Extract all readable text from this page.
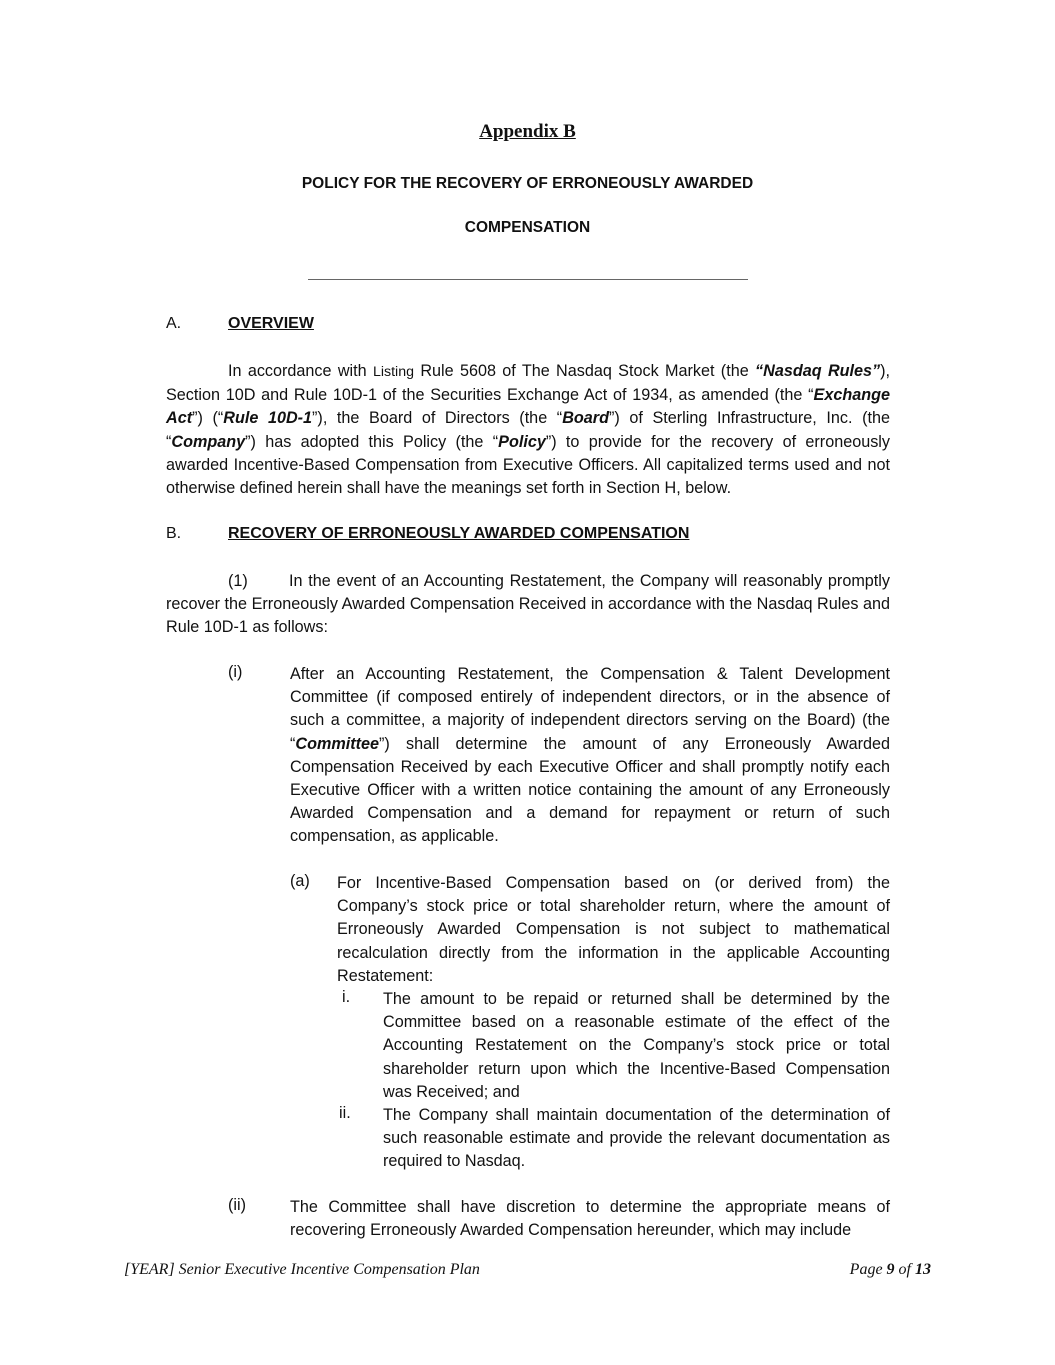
Appendix B
POLICY FOR THE RECOVERY OF ERRONEOUSLY AWARDED
COMPENSATION
A.	OVERVIEW
In accordance with Listing Rule 5608 of The Nasdaq Stock Market (the “Nasdaq Rules”), Section 10D and Rule 10D-1 of the Securities Exchange Act of 1934, as amended (the “Exchange Act”) (“Rule 10D-1”), the Board of Directors (the “Board”) of Sterling Infrastructure, Inc. (the “Company”) has adopted this Policy (the “Policy”) to provide for the recovery of erroneously awarded Incentive-Based Compensation from Executive Officers. All capitalized terms used and not otherwise defined herein shall have the meanings set forth in Section H, below.
B.	RECOVERY OF ERRONEOUSLY AWARDED COMPENSATION
(1)	In the event of an Accounting Restatement, the Company will reasonably promptly recover the Erroneously Awarded Compensation Received in accordance with the Nasdaq Rules and Rule 10D-1 as follows:
(i)	After an Accounting Restatement, the Compensation & Talent Development Committee (if composed entirely of independent directors, or in the absence of such a committee, a majority of independent directors serving on the Board) (the “Committee”) shall determine the amount of any Erroneously Awarded Compensation Received by each Executive Officer and shall promptly notify each Executive Officer with a written notice containing the amount of any Erroneously Awarded Compensation and a demand for repayment or return of such compensation, as applicable.
(a) For Incentive-Based Compensation based on (or derived from) the Company’s stock price or total shareholder return, where the amount of Erroneously Awarded Compensation is not subject to mathematical recalculation directly from the information in the applicable Accounting Restatement:
i. The amount to be repaid or returned shall be determined by the Committee based on a reasonable estimate of the effect of the Accounting Restatement on the Company’s stock price or total shareholder return upon which the Incentive-Based Compensation was Received; and
ii. The Company shall maintain documentation of the determination of such reasonable estimate and provide the relevant documentation as required to Nasdaq.
(ii)	The Committee shall have discretion to determine the appropriate means of recovering Erroneously Awarded Compensation hereunder, which may include
[YEAR] Senior Executive Incentive Compensation Plan	Page 9 of 13
